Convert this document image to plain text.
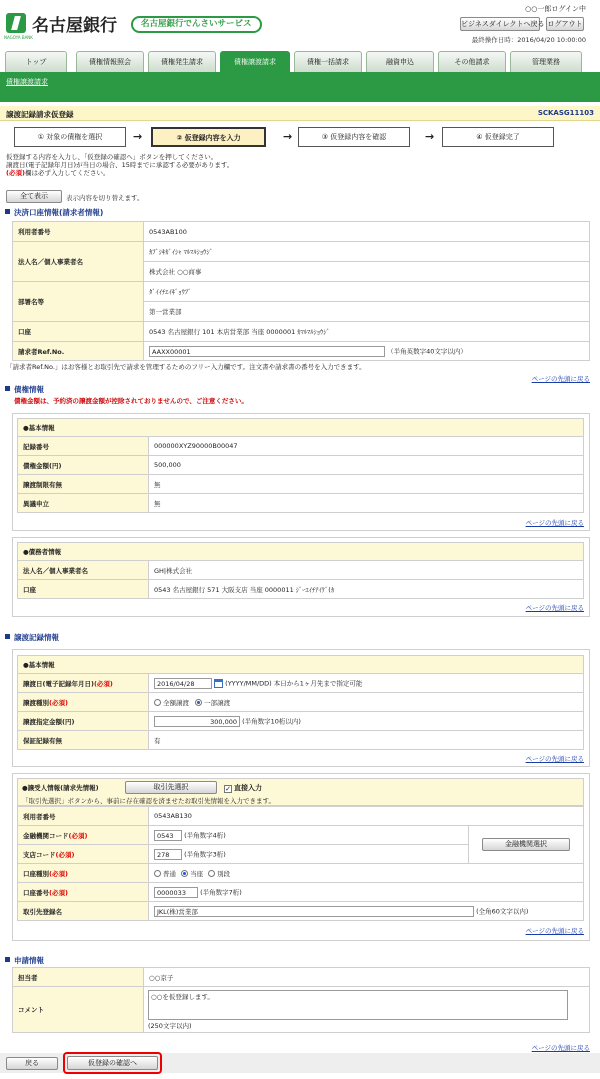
名古屋銀行
NAGOYA BANK
名古屋銀行でんさいサービス
○○一郎ログイン中
ビジネスダイレクトへ戻る ログアウト
最終操作日時：2016/04/20 10:00:00
トップ	債権情報照会	債権発生請求	債権譲渡請求	債権一括請求	融資申込	その他請求	管理業務
債権譲渡請求
譲渡記録請求仮登録	SCKASG11103
① 対象の債権を選択	→	② 仮登録内容を入力	→	③ 仮登録内容を確認	→	④ 仮登録完了
仮登録する内容を入力し、「仮登録の確認へ」ボタンを押してください。
譲渡日(電子記録年月日)が当日の場合、15時までに承認する必要があります。
(必須)欄は必ず入力してください。
全て表示	表示内容を切り替えます。
決済口座情報(請求者情報)
利用者番号	0543AB100
法人名／個人事業者名	ｶﾌﾞｼｷｶﾞｲｼｬ ﾏﾙﾏﾙｼｮｳｼﾞ
	株式会社 ○○商事
部署名等	ﾀﾞｲｲﾁｴｲｷﾞｮｳﾌﾞ
	第一営業部
口座	0543 名古屋銀行 101 本店営業部 当座 0000001 ｶﾏﾙﾏﾙｼｮｳｼﾞ
請求者Ref.No.	AAXX00001 （半角英数字40文字以内）
「請求者Ref.No.」はお客様とお取引先で請求を管理するためのフリー入力欄です。注文書や請求書の番号を入力できます。
ページの先頭に戻る
債権情報
債権金額は、予約済の譲渡金額が控除されておりませんので、ご注意ください。
●基本情報	
記録番号	000000XYZ90000B00047
債権金額(円)	500,000
譲渡制限有無	無
異議申立	無
ページの先頭に戻る
●債務者情報	
法人名／個人事業者名	GH|株式会社
口座	0543 名古屋銀行 571 大阪支店 当座 0000011 ｼﾞｰｴｲﾁｱｲｹﾞ(ｶ
ページの先頭に戻る
譲渡記録情報
●基本情報	
譲渡日(電子記録年月日)(必須)	2016/04/28 (YYYY/MM/DD) 本日から1ヶ月先まで指定可能
譲渡種別(必須)	全額譲渡 一部譲渡
譲渡指定金額(円)	300,000 (半角数字10桁以内)
保証記録有無	有
ページの先頭に戻る
●譲受人情報(請求先情報)	取引先選択	✓ 直接入力
「取引先選択」ボタンから、事前に存在確認を済ませたお取引先情報を入力できます。
利用者番号	0543AB130	
金融機関コード(必須)	0543 (半角数字4桁)	金融機関選択
支店コード(必須)	278 (半角数字3桁)	
口座種別(必須)	普通 当座 別段	
口座番号(必須)	0000033 (半角数字7桁)	
取引先登録名	JKL(株)営業部 (全角60文字以内)	
ページの先頭に戻る
申請情報
担当者	○○京子
コメント	○○を仮登録します。
(250文字以内)
ページの先頭に戻る
戻る	仮登録の確認へ
